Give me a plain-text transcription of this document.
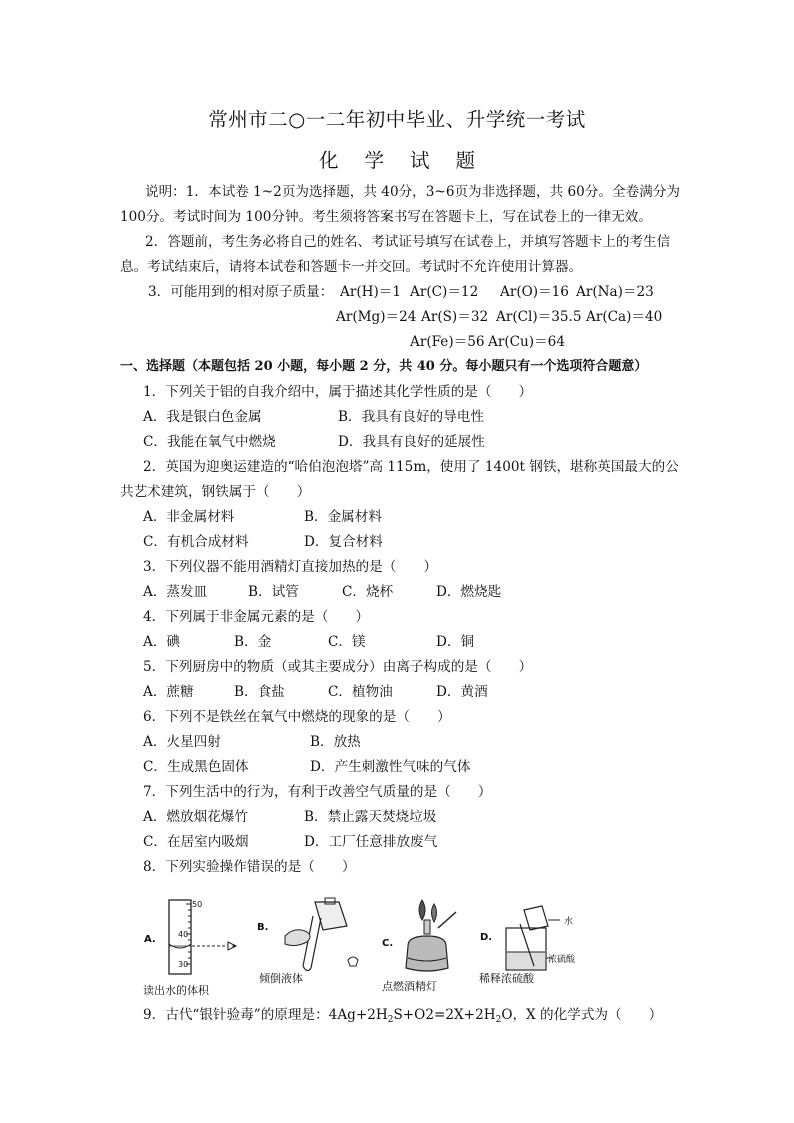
常州市二○一二年初中毕业、升学统一考试
化学试题
说明：1．本试卷 1~2页为选择题，共 40分，3~6页为非选择题，共 60分。全卷满分为
100分。考试时间为 100分钟。考生须将答案书写在答题卡上，写在试卷上的一律无效。
2．答题前，考生务必将自己的姓名、考试证号填写在试卷上，并填写答题卡上的考生信
息。考试结束后，请将本试卷和答题卡一并交回。考试时不允许使用计算器。
3．可能用到的相对原子质量： Ar(H)＝1 Ar(C)＝12 Ar(O)＝16 Ar(Na)＝23
Ar(Mg)＝24 Ar(S)＝32 Ar(Cl)＝35.5 Ar(Ca)＝40
Ar(Fe)＝56 Ar(Cu)＝64
一、选择题（本题包括 20 小题，每小题 2 分，共 40 分。每小题只有一个选项符合题意）
1．下列关于铝的自我介绍中，属于描述其化学性质的是（　　）
A．我是银白色金属	B．我具有良好的导电性
C．我能在氧气中燃烧	D．我具有良好的延展性
2．英国为迎奥运建造的“哈伯泡泡塔”高 115m，使用了 1400t 钢铁，堪称英国最大的公
共艺术建筑，钢铁属于（　　）
A．非金属材料	B．金属材料
C．有机合成材料	D．复合材料
3．下列仪器不能用酒精灯直接加热的是（　　）
A．蒸发皿	B．试管	C．烧杯	D．燃烧匙
4．下列属于非金属元素的是（　　）
A．碘	B．金	C．镁	D．铜
5．下列厨房中的物质（或其主要成分）由离子构成的是（　　）
A．蔗糖	B．食盐	C．植物油	D．黄酒
6．下列不是铁丝在氧气中燃烧的现象的是（　　）
A．火星四射	B．放热
C．生成黑色固体	D．产生刺激性气味的气体
7．下列生活中的行为，有利于改善空气质量的是（　　）
A．燃放烟花爆竹	B．禁止露天焚烧垃圾
C．在居室内吸烟	D．工厂任意排放废气
8．下列实验操作错误的是（　　）
A.
50
40
30
读出水的体积
B.
倾倒液体
C.
点燃酒精灯
D.
水
浓硫酸
稀释浓硫酸
9．古代“银针验毒”的原理是：$4Ag+2H_2S+O2=2X+2H_2O$，X 的化学式为（　　）
